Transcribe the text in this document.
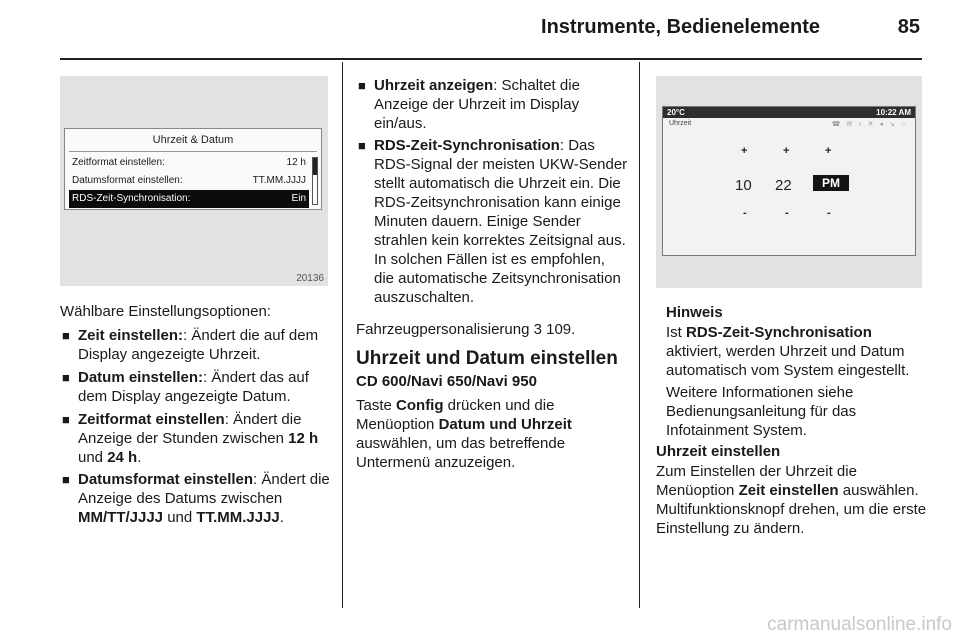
Instrumente, Bedienelemente	85
Uhrzeit & Datum
Zeitformat einstellen:	12 h
Datumsformat einstellen:	TT.MM.JJJJ
RDS-Zeit-Synchronisation:	Ein
20136
Wählbare Einstellungsoptionen:
■ Zeit einstellen:: Ändert die auf dem Display angezeigte Uhrzeit.
■ Datum einstellen:: Ändert das auf dem Display angezeigte Datum.
■ Zeitformat einstellen: Ändert die Anzeige der Stunden zwischen 12 h und 24 h.
■ Datumsformat einstellen: Ändert die Anzeige des Datums zwischen MM/TT/JJJJ und TT.MM.JJJJ.
■ Uhrzeit anzeigen: Schaltet die Anzeige der Uhrzeit im Display ein/aus.
■ RDS-Zeit-Synchronisation: Das RDS-Signal der meisten UKW-Sender stellt automatisch die Uhrzeit ein. Die RDS-Zeitsynchronisation kann einige Minuten dauern. Einige Sender strahlen kein korrektes Zeitsignal aus. In solchen Fällen ist es empfohlen, die automatische Zeitsynchronisation auszuschalten.
Fahrzeugpersonalisierung 3 109.
Uhrzeit und Datum einstellen
CD 600/Navi 650/Navi 950
Taste Config drücken und die Menüoption Datum und Uhrzeit auswählen, um das betreffende Untermenü anzuzeigen.
20°C	10:22 AM
Uhrzeit	☎ ✉ ♪ ✕ ◂ ↘ ○
+	+	+
10 22	PM
-	-	-
Hinweis
Ist RDS-Zeit-Synchronisation aktiviert, werden Uhrzeit und Datum automatisch vom System eingestellt.
Weitere Informationen siehe Bedienungsanleitung für das Infotainment System.
Uhrzeit einstellen
Zum Einstellen der Uhrzeit die Menüoption Zeit einstellen auswählen.
Multifunktionsknopf drehen, um die erste Einstellung zu ändern.
carmanualsonline.info
